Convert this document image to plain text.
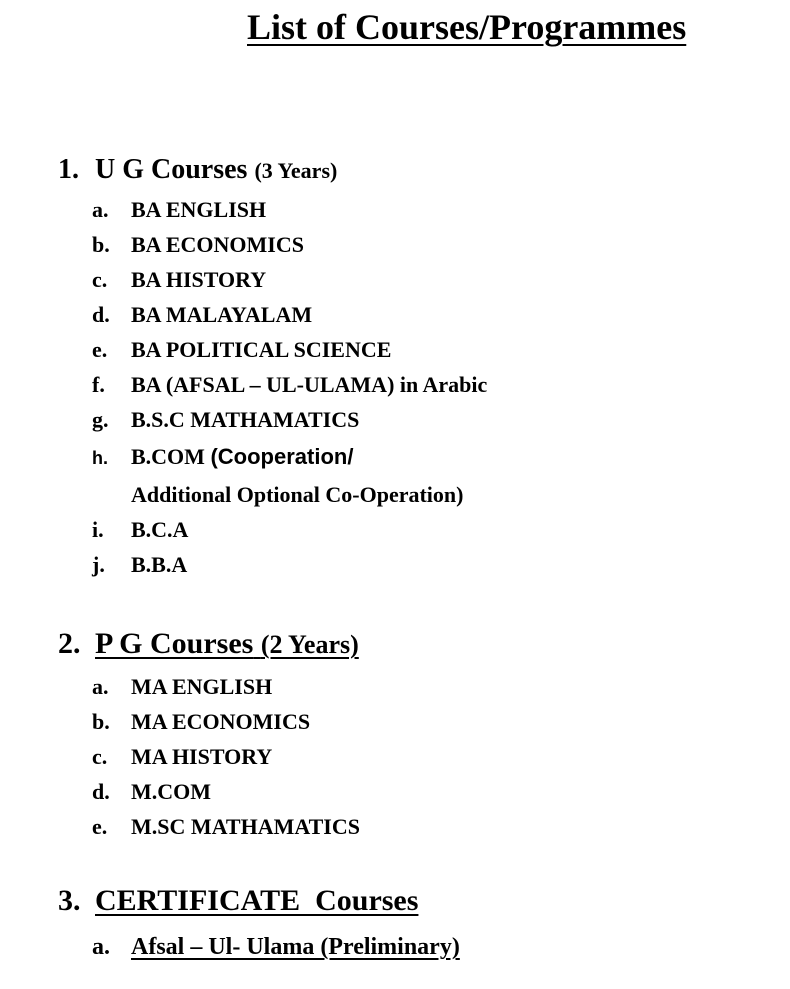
List of Courses/Programmes
1. U G Courses (3 Years)
a. BA ENGLISH
b. BA ECONOMICS
c. BA HISTORY
d. BA MALAYALAM
e. BA POLITICAL SCIENCE
f. BA (AFSAL – UL-ULAMA) in Arabic
g. B.S.C MATHAMATICS
h. B.COM (Cooperation/
Additional Optional Co-Operation)
i. B.C.A
j. B.B.A
2. P G Courses (2 Years)
a. MA ENGLISH
b. MA ECONOMICS
c. MA HISTORY
d. M.COM
e. M.SC MATHAMATICS
3. CERTIFICATE  Courses
a. Afsal – Ul- Ulama (Preliminary)
